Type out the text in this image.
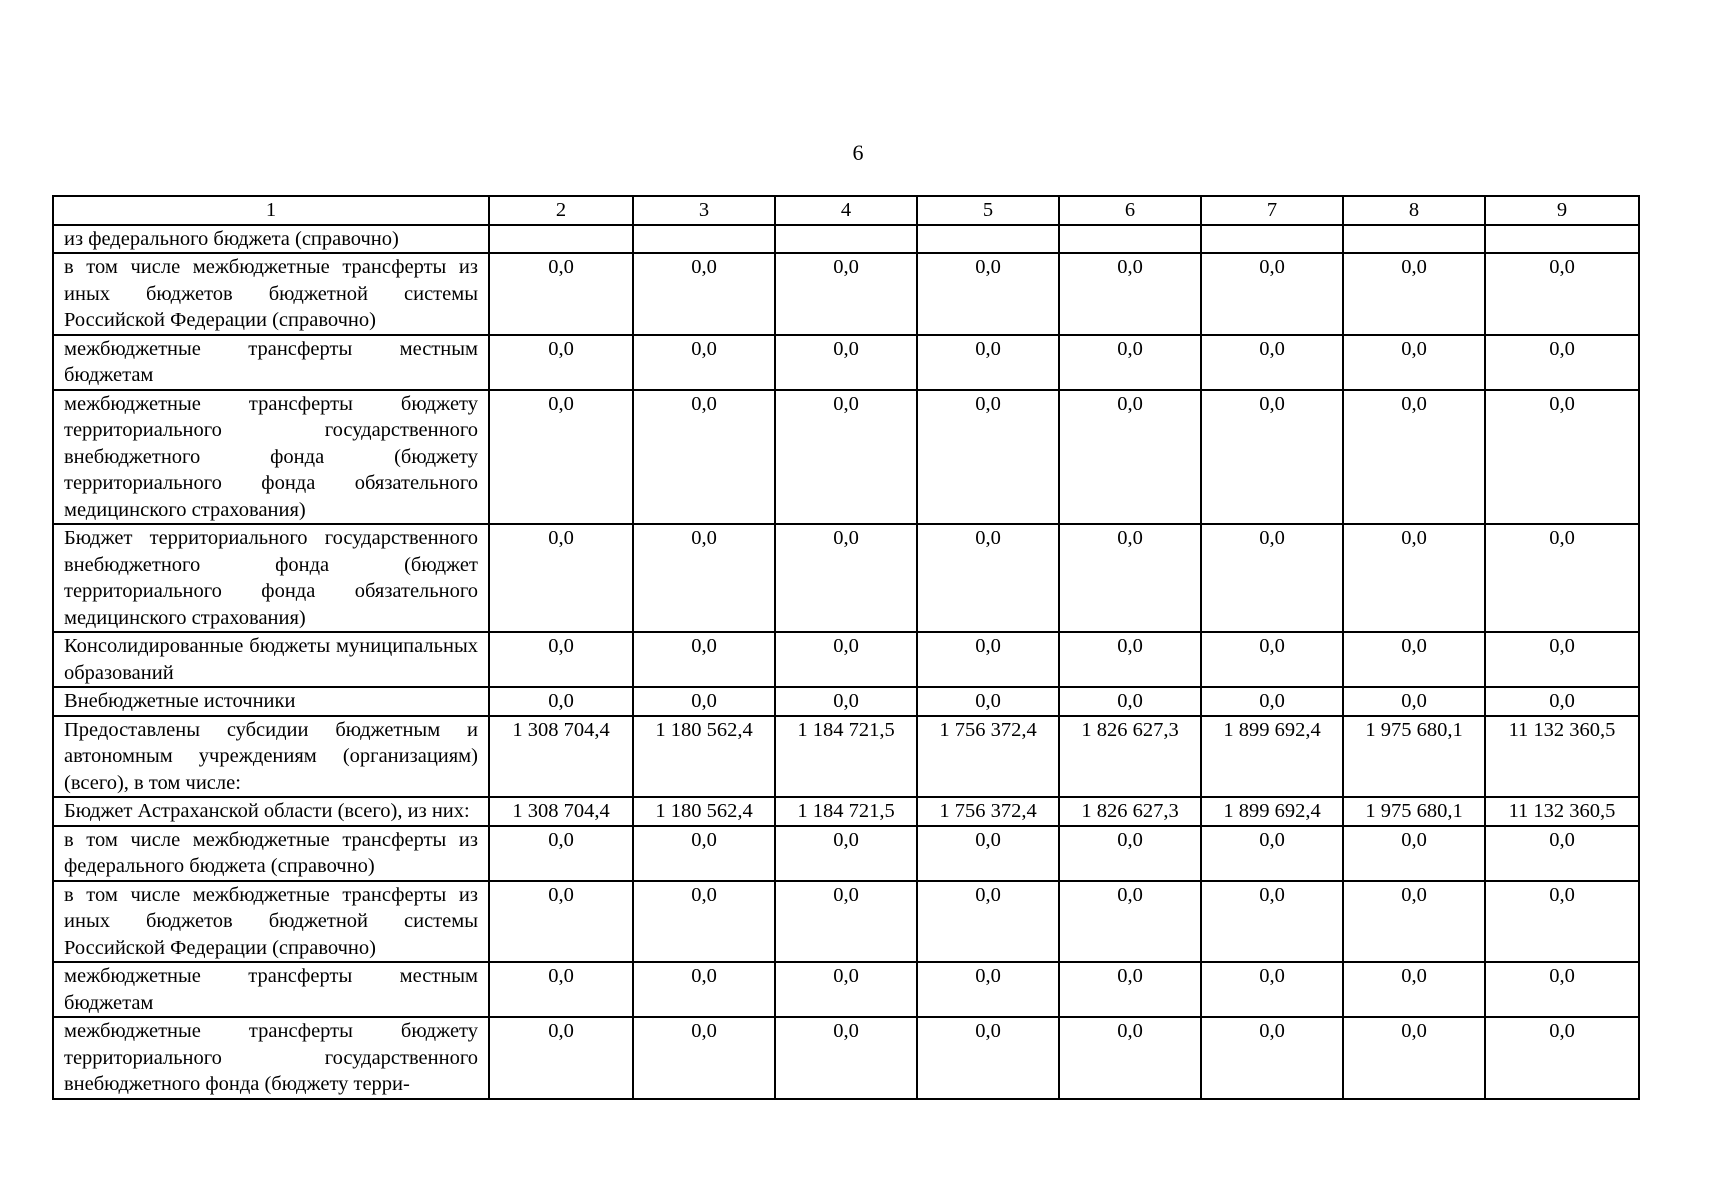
6
1	2	3	4	5	6	7	8	9
из федерального бюджета (справочно)								
в том числе межбюджетные трансферты из иных бюджетов бюджетной системы Российской Федерации (справочно)	0,0	0,0	0,0	0,0	0,0	0,0	0,0	0,0
межбюджетные трансферты местным бюджетам	0,0	0,0	0,0	0,0	0,0	0,0	0,0	0,0
межбюджетные трансферты бюджету территориального государственного внебюджетного фонда (бюджету территориального фонда обязательного медицинского страхования)	0,0	0,0	0,0	0,0	0,0	0,0	0,0	0,0
Бюджет территориального государственного внебюджетного фонда (бюджет территориального фонда обязательного медицинского страхования)	0,0	0,0	0,0	0,0	0,0	0,0	0,0	0,0
Консолидированные бюджеты муниципальных образований	0,0	0,0	0,0	0,0	0,0	0,0	0,0	0,0
Внебюджетные источники	0,0	0,0	0,0	0,0	0,0	0,0	0,0	0,0
Предоставлены субсидии бюджетным и автономным учреждениям (организациям) (всего), в том числе:	1 308 704,4	1 180 562,4	1 184 721,5	1 756 372,4	1 826 627,3	1 899 692,4	1 975 680,1	11 132 360,5
Бюджет Астраханской области (всего), из них:	1 308 704,4	1 180 562,4	1 184 721,5	1 756 372,4	1 826 627,3	1 899 692,4	1 975 680,1	11 132 360,5
в том числе межбюджетные трансферты из федерального бюджета (справочно)	0,0	0,0	0,0	0,0	0,0	0,0	0,0	0,0
в том числе межбюджетные трансферты из иных бюджетов бюджетной системы Российской Федерации (справочно)	0,0	0,0	0,0	0,0	0,0	0,0	0,0	0,0
межбюджетные трансферты местным бюджетам	0,0	0,0	0,0	0,0	0,0	0,0	0,0	0,0
межбюджетные трансферты бюджету территориального государственного внебюджетного фонда (бюджету терри-	0,0	0,0	0,0	0,0	0,0	0,0	0,0	0,0
